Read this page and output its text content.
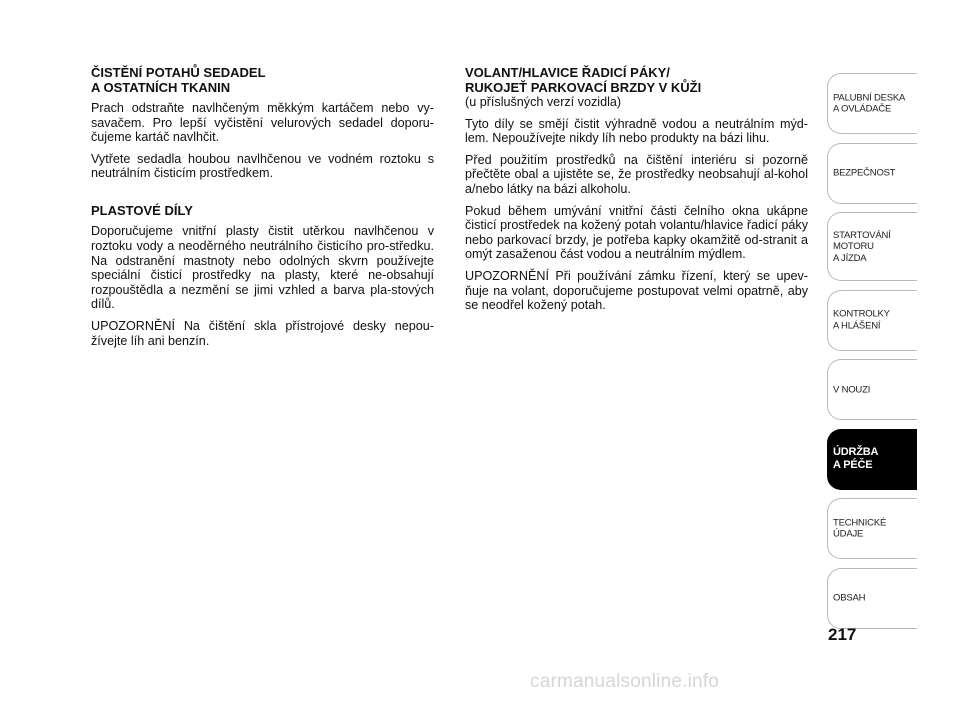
ČISTĚNÍ POTAHŮ SEDADEL
A OSTATNÍCH TKANIN

Prach odstraňte navlhčeným měkkým kartáčem nebo vy-savačem. Pro lepší vyčistění velurových sedadel doporu-čujeme kartáč navlhčit.

Vytřete sedadla houbou navlhčenou ve vodném roztoku s neutrálním čisticím prostředkem.

PLASTOVÉ DÍLY

Doporučujeme vnitřní plasty čistit utěrkou navlhčenou v roztoku vody a neoděrného neutrálního čisticího pro-středku. Na odstranění mastnoty nebo odolných skvrn používejte speciální čisticí prostředky na plasty, které ne-obsahují rozpouštědla a nezmění se jimi vzhled a barva pla-stových dílů.

UPOZORNĚNÍ Na čištění skla přístrojové desky nepou-žívejte líh ani benzín.

VOLANT/HLAVICE ŘADICÍ PÁKY/
RUKOJEŤ PARKOVACÍ BRZDY V KŮŽI

(u příslušných verzí vozidla)

Tyto díly se smějí čistit výhradně vodou a neutrálním mýd-lem. Nepoužívejte nikdy líh nebo produkty na bázi lihu.

Před použitím prostředků na čištění interiéru si pozorně přečtěte obal a ujistěte se, že prostředky neobsahují al-kohol a/nebo látky na bázi alkoholu.

Pokud během umývání vnitřní části čelního okna ukápne čisticí prostředek na kožený potah volantu/hlavice řadicí páky nebo parkovací brzdy, je potřeba kapky okamžitě od-stranit a omýt zasaženou část vodou a neutrálním mýdlem.

UPOZORNĚNÍ Při používání zámku řízení, který se upev-ňuje na volant, doporučujeme postupovat velmi opatrně, aby se neodřel kožený potah.

PALUBNÍ DESKA
A OVLÁDAČE
BEZPEČNOST
STARTOVÁNÍ
MOTORU
A JÍZDA
KONTROLKY
A HLÁŠENÍ
V NOUZI
ÚDRŽBA
A PÉČE
TECHNICKÉ
ÚDAJE
OBSAH
217
carmanualsonline.info
